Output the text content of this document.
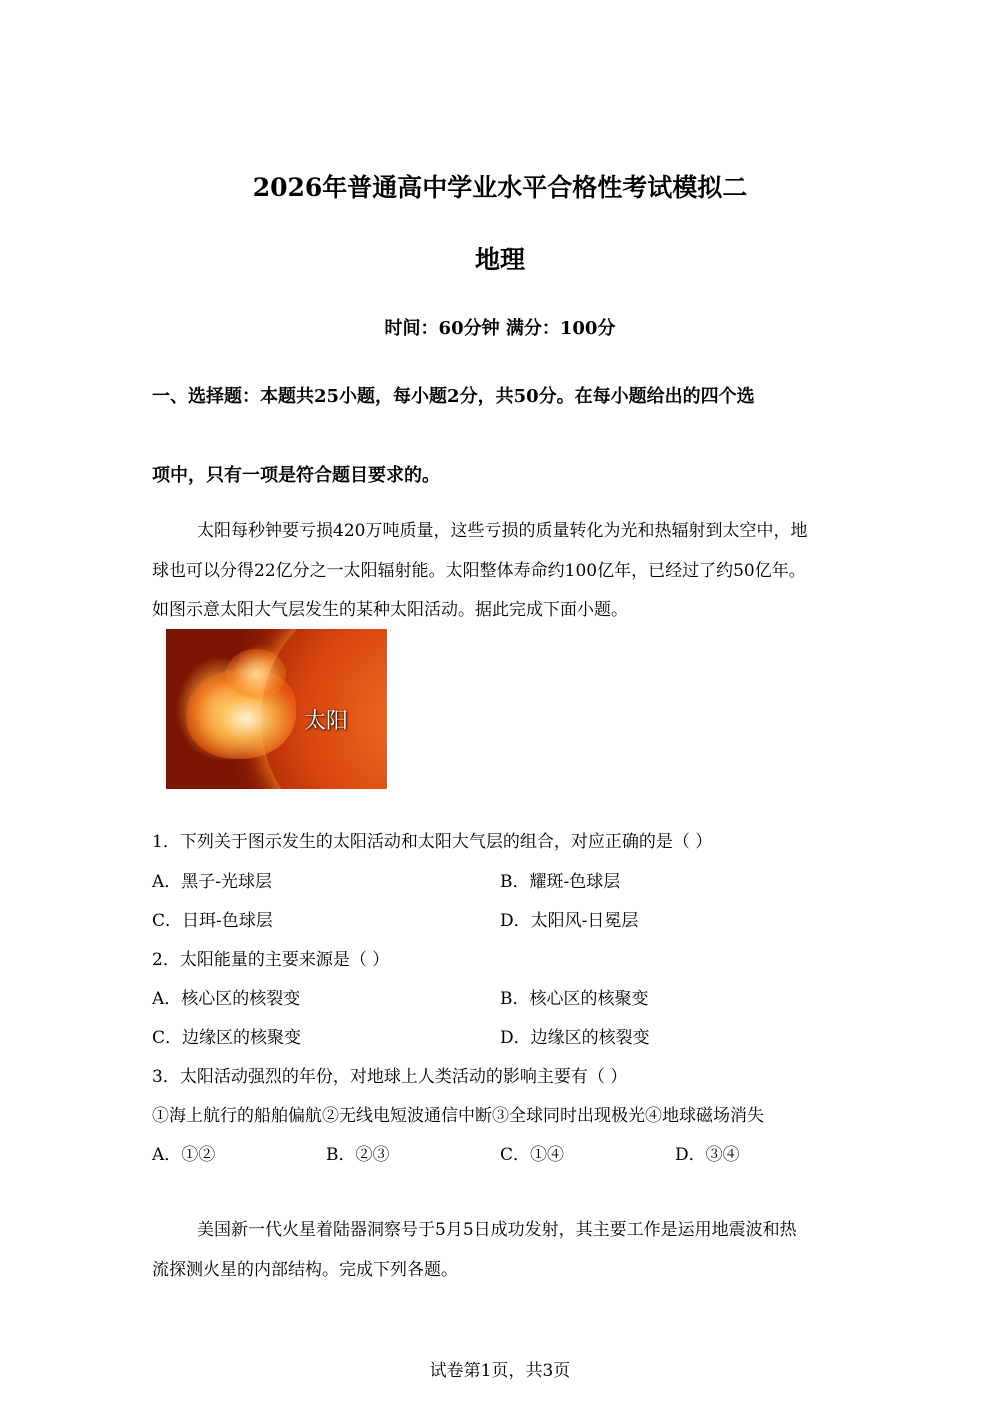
2026年普通高中学业水平合格性考试模拟二
地理
时间：60分钟 满分：100分
一、选择题：本题共25小题，每小题2分，共50分。在每小题给出的四个选
项中，只有一项是符合题目要求的。
太阳每秒钟要亏损420万吨质量，这些亏损的质量转化为光和热辐射到太空中，地
球也可以分得22亿分之一太阳辐射能。太阳整体寿命约100亿年，已经过了约50亿年。
如图示意太阳大气层发生的某种太阳活动。据此完成下面小题。
太阳
1．下列关于图示发生的太阳活动和太阳大气层的组合，对应正确的是（ ）
A．黑子-光球层	B．耀斑-色球层
C．日珥-色球层	D．太阳风-日冕层
2．太阳能量的主要来源是（ ）
A．核心区的核裂变	B．核心区的核聚变
C．边缘区的核聚变	D．边缘区的核裂变
3．太阳活动强烈的年份，对地球上人类活动的影响主要有（ ）
①海上航行的船舶偏航②无线电短波通信中断③全球同时出现极光④地球磁场消失
A．①②	B．②③	C．①④	D．③④
美国新一代火星着陆器洞察号于5月5日成功发射，其主要工作是运用地震波和热
流探测火星的内部结构。完成下列各题。
试卷第1页，共3页
